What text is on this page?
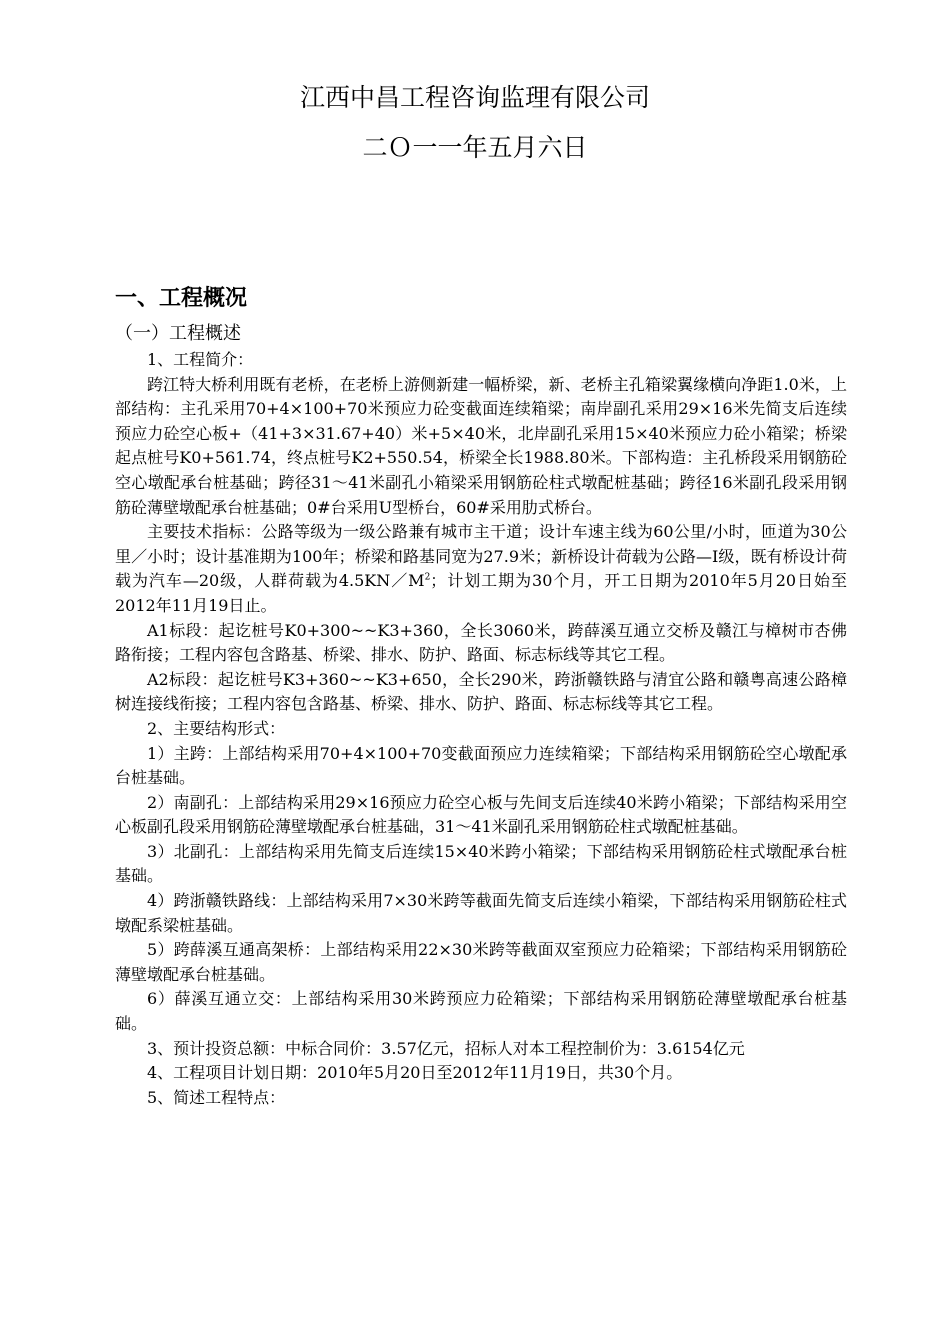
江西中昌工程咨询监理有限公司
二Ｏ一一年五月六日
一、工程概况
（一）工程概述

1、工程简介：

跨江特大桥利用既有老桥，在老桥上游侧新建一幅桥梁，新、老桥主孔箱梁翼缘横向净距1.0米，上部结构：主孔采用70+4×100+70米预应力砼变截面连续箱梁；南岸副孔采用29×16米先简支后连续预应力砼空心板+（41+3×31.67+40）米+5×40米，北岸副孔采用15×40米预应力砼小箱梁；桥梁起点桩号K0+561.74，终点桩号K2+550.54，桥梁全长1988.80米。下部构造：主孔桥段采用钢筋砼空心墩配承台桩基础；跨径31～41米副孔小箱梁采用钢筋砼柱式墩配桩基础；跨径16米副孔段采用钢筋砼薄壁墩配承台桩基础；0#台采用U型桥台，60#采用肋式桥台。

主要技术指标：公路等级为一级公路兼有城市主干道；设计车速主线为60公里/小时，匝道为30公里／小时；设计基准期为100年；桥梁和路基同宽为27.9米；新桥设计荷载为公路—I级，既有桥设计荷载为汽车—20级，人群荷载为$4.5KN/M^2$；计划工期为30个月，开工日期为2010年5月20日始至2012年11月19日止。

A1标段：起讫桩号K0+300~~K3+360，全长3060米，跨薛溪互通立交桥及赣江与樟树市杏佛路衔接；工程内容包含路基、桥梁、排水、防护、路面、标志标线等其它工程。

A2标段：起讫桩号K3+360~~K3+650，全长290米，跨浙赣铁路与清宜公路和赣粤高速公路樟树连接线衔接；工程内容包含路基、桥梁、排水、防护、路面、标志标线等其它工程。

2、主要结构形式：

1）主跨：上部结构采用70+4×100+70变截面预应力连续箱梁；下部结构采用钢筋砼空心墩配承台桩基础。

2）南副孔：上部结构采用29×16预应力砼空心板与先间支后连续40米跨小箱梁；下部结构采用空心板副孔段采用钢筋砼薄壁墩配承台桩基础，31～41米副孔采用钢筋砼柱式墩配桩基础。

3）北副孔：上部结构采用先简支后连续15×40米跨小箱梁；下部结构采用钢筋砼柱式墩配承台桩基础。

4）跨浙赣铁路线：上部结构采用7×30米跨等截面先简支后连续小箱梁，下部结构采用钢筋砼柱式墩配系梁桩基础。

5）跨薛溪互通高架桥：上部结构采用22×30米跨等截面双室预应力砼箱梁；下部结构采用钢筋砼薄壁墩配承台桩基础。

6）薛溪互通立交：上部结构采用30米跨预应力砼箱梁；下部结构采用钢筋砼薄壁墩配承台桩基础。

3、预计投资总额：中标合同价：3.57亿元，招标人对本工程控制价为：3.6154亿元

4、工程项目计划日期：2010年5月20日至2012年11月19日，共30个月。

5、简述工程特点：
